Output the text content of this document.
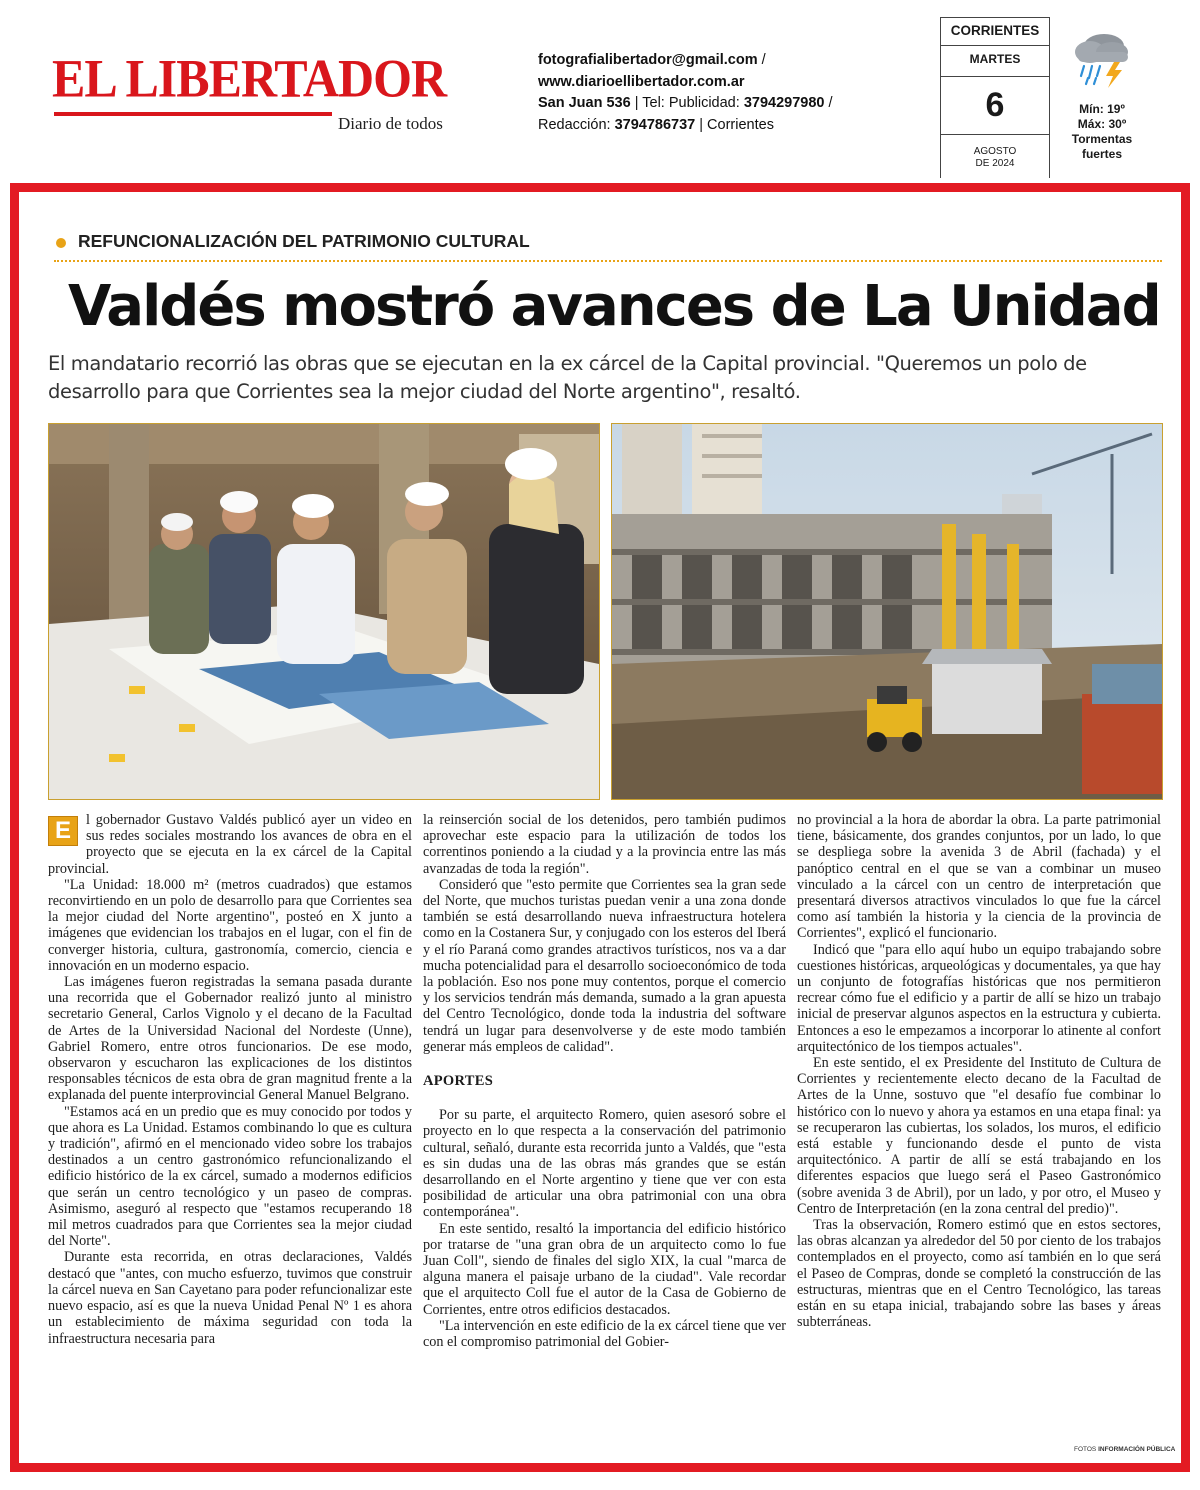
EL LIBERTADOR
Diario de todos
fotografialibertador@gmail.com /
www.diarioellibertador.com.ar
San Juan 536 | Tel: Publicidad: 3794297980 /
Redacción: 3794786737 | Corrientes
CORRIENTES
MARTES
6
AGOSTO
DE 2024
Mín: 19º
Máx: 30º
Tormentas
fuertes
REFUNCIONALIZACIÓN DEL PATRIMONIO CULTURAL
Valdés mostró avances de La Unidad
El mandatario recorrió las obras que se ejecutan en la ex cárcel de la Capital provincial. "Queremos un polo de desarrollo para que Corrientes sea la mejor ciudad del Norte argentino", resaltó.

E	l gobernador Gustavo Valdés publicó ayer un video en sus redes sociales mostrando los avances de obra en el proyecto que se ejecuta en la ex cárcel de la Capital provincial.

"La Unidad: 18.000 m² (metros cuadrados) que estamos reconvirtiendo en un polo de desarrollo para que Corrientes sea la mejor ciudad del Norte argentino", posteó en X junto a imágenes que evidencian los trabajos en el lugar, con el fin de converger historia, cultura, gastronomía, comercio, ciencia e innovación en un moderno espacio.

Las imágenes fueron registradas la semana pasada durante una recorrida que el Gobernador realizó junto al ministro secretario General, Carlos Vignolo y el decano de la Facultad de Artes de la Universidad Nacional del Nordeste (Unne), Gabriel Romero, entre otros funcionarios. De ese modo, observaron y escucharon las explicaciones de los distintos responsables técnicos de esta obra de gran magnitud frente a la explanada del puente interprovincial General Manuel Belgrano.

"Estamos acá en un predio que es muy conocido por todos y que ahora es La Unidad. Estamos combinando lo que es cultura y tradición", afirmó en el mencionado video sobre los trabajos destinados a un centro gastronómico refuncionalizando el edificio histórico de la ex cárcel, sumado a modernos edificios que serán un centro tecnológico y un paseo de compras. Asimismo, aseguró al respecto que "estamos recuperando 18 mil metros cuadrados para que Corrientes sea la mejor ciudad del Norte".

Durante esta recorrida, en otras declaraciones, Valdés destacó que "antes, con mucho esfuerzo, tuvimos que construir la cárcel nueva en San Cayetano para poder refuncionalizar este nuevo espacio, así es que la nueva Unidad Penal Nº 1 es ahora un establecimiento de máxima seguridad con toda la infraestructura necesaria para

la reinserción social de los detenidos, pero también pudimos aprovechar este espacio para la utilización de todos los correntinos poniendo a la ciudad y a la provincia entre las más avanzadas de toda la región".

Consideró que "esto permite que Corrientes sea la gran sede del Norte, que muchos turistas puedan venir a una zona donde también se está desarrollando nueva infraestructura hotelera como en la Costanera Sur, y conjugado con los esteros del Iberá y el río Paraná como grandes atractivos turísticos, nos va a dar mucha potencialidad para el desarrollo socioeconómico de toda la población. Eso nos pone muy contentos, porque el comercio y los servicios tendrán más demanda, sumado a la gran apuesta del Centro Tecnológico, donde toda la industria del software tendrá un lugar para desenvolverse y de este modo también generar más empleos de calidad".

APORTES

Por su parte, el arquitecto Romero, quien asesoró sobre el proyecto en lo que respecta a la conservación del patrimonio cultural, señaló, durante esta recorrida junto a Valdés, que "esta es sin dudas una de las obras más grandes que se están desarrollando en el Norte argentino y tiene que ver con esta posibilidad de articular una obra patrimonial con una obra contemporánea".

En este sentido, resaltó la importancia del edificio histórico por tratarse de "una gran obra de un arquitecto como lo fue Juan Coll", siendo de finales del siglo XIX, la cual "marca de alguna manera el paisaje urbano de la ciudad". Vale recordar que el arquitecto Coll fue el autor de la Casa de Gobierno de Corrientes, entre otros edificios destacados.

"La intervención en este edificio de la ex cárcel tiene que ver con el compromiso patrimonial del Gobier-

no provincial a la hora de abordar la obra. La parte patrimonial tiene, básicamente, dos grandes conjuntos, por un lado, lo que se despliega sobre la avenida 3 de Abril (fachada) y el panóptico central en el que se van a combinar un museo vinculado a la cárcel con un centro de interpretación que presentará diversos atractivos vinculados lo que fue la cárcel como así también la historia y la ciencia de la provincia de Corrientes", explicó el funcionario.

Indicó que "para ello aquí hubo un equipo trabajando sobre cuestiones históricas, arqueológicas y documentales, ya que hay un conjunto de fotografías históricas que nos permitieron recrear cómo fue el edificio y a partir de allí se hizo un trabajo inicial de preservar algunos aspectos en la estructura y cubierta. Entonces a eso le empezamos a incorporar lo atinente al confort arquitectónico de los tiempos actuales".

En este sentido, el ex Presidente del Instituto de Cultura de Corrientes y recientemente electo decano de la Facultad de Artes de la Unne, sostuvo que "el desafío fue combinar lo histórico con lo nuevo y ahora ya estamos en una etapa final: ya se recuperaron las cubiertas, los solados, los muros, el edificio está estable y funcionando desde el punto de vista arquitectónico. A partir de allí se está trabajando en los diferentes espacios que luego será el Paseo Gastronómico (sobre avenida 3 de Abril), por un lado, y por otro, el Museo y Centro de Interpretación (en la zona central del predio)".

Tras la observación, Romero estimó que en estos sectores, las obras alcanzan ya alrededor del 50 por ciento de los trabajos contemplados en el proyecto, como así también en lo que será el Paseo de Compras, donde se completó la construcción de las estructuras, mientras que en el Centro Tecnológico, las tareas están en su etapa inicial, trabajando sobre las bases y áreas subterráneas.

FOTOS INFORMACIÓN PÚBLICA
